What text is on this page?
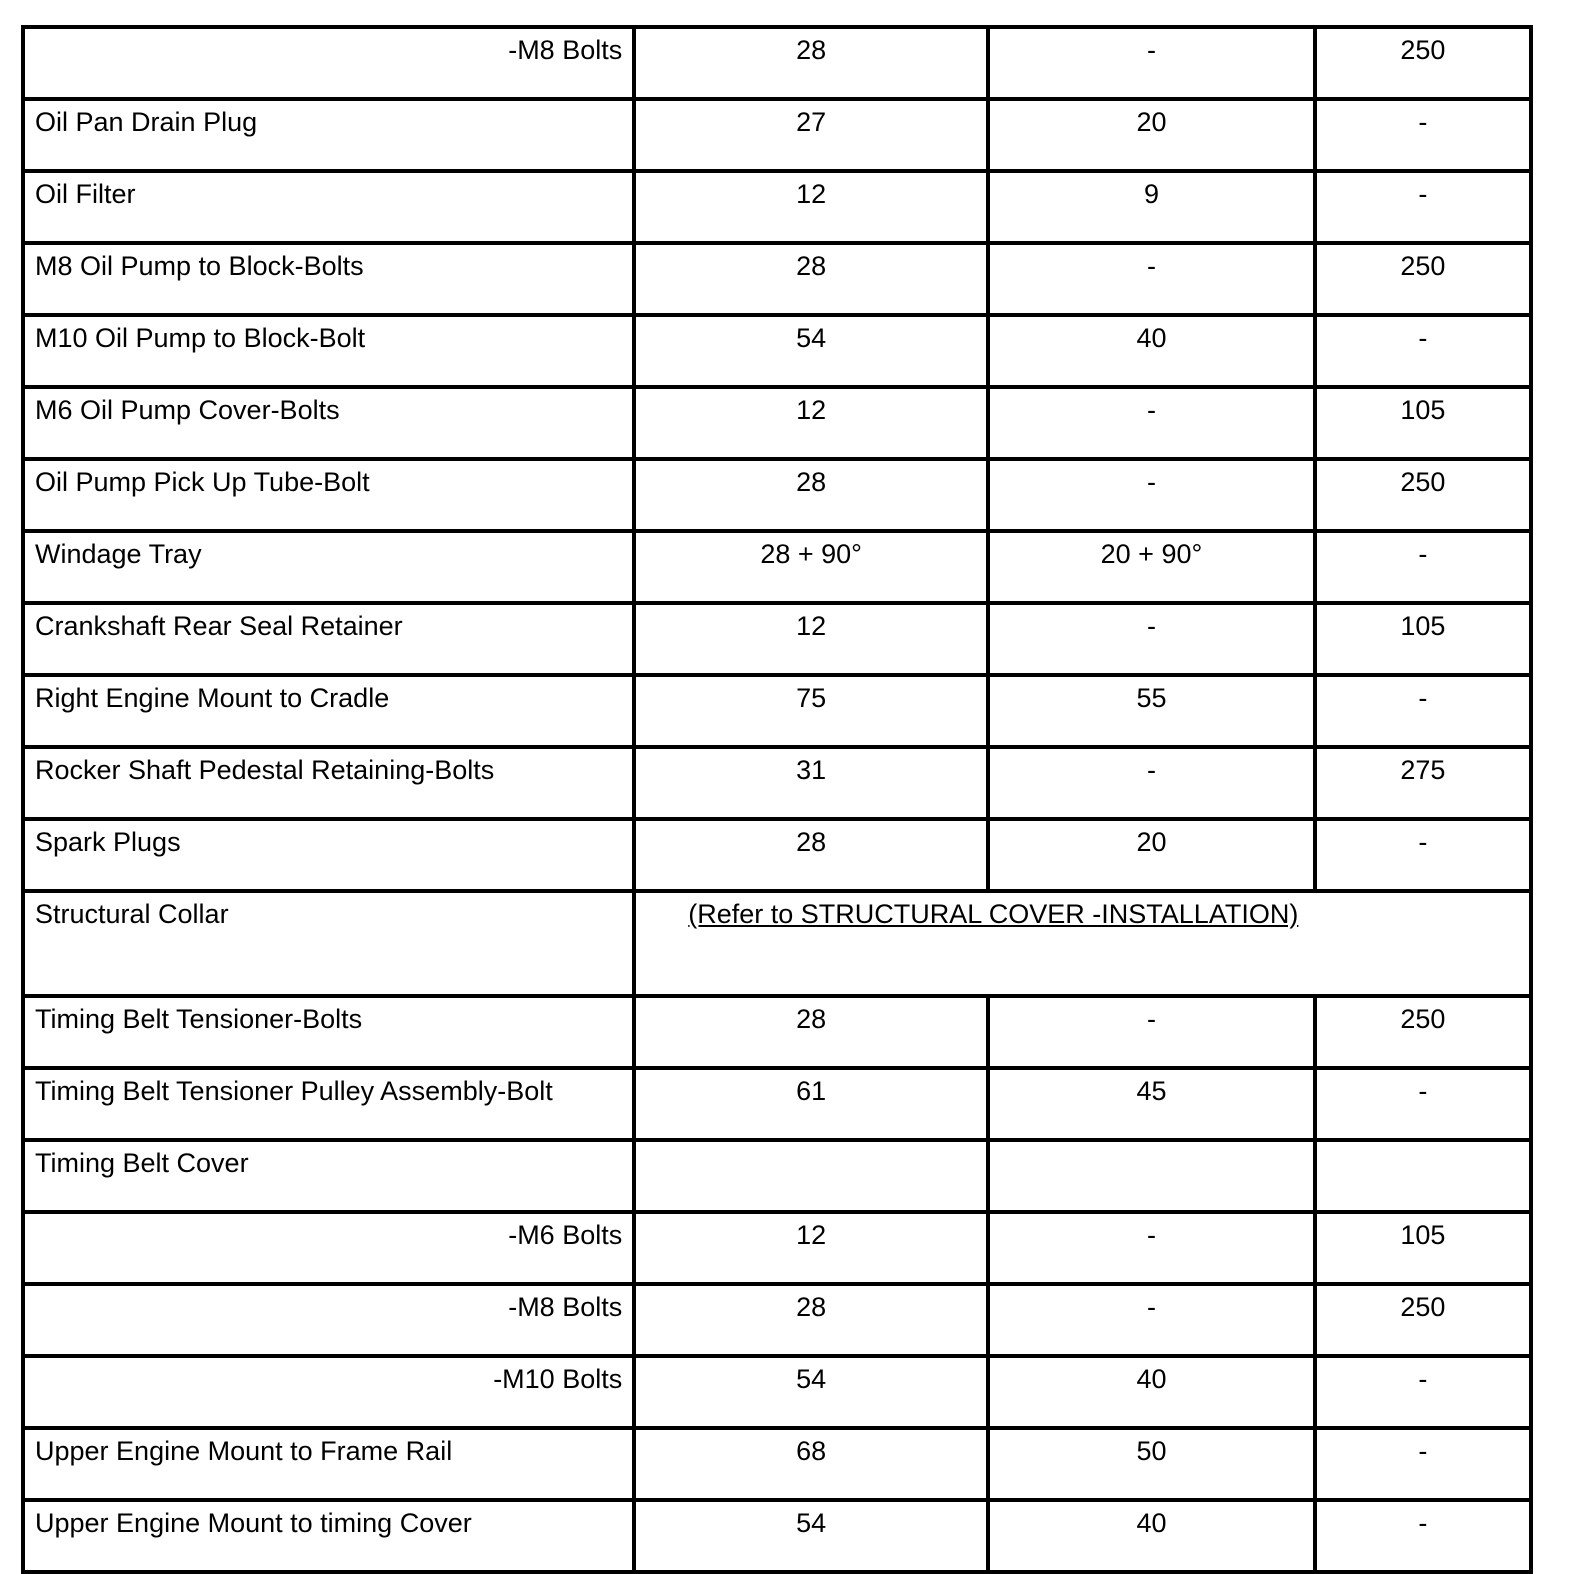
-M8 Bolts	28	-	250
Oil Pan Drain Plug	27	20	-
Oil Filter	12	9	-
M8 Oil Pump to Block-Bolts	28	-	250
M10 Oil Pump to Block-Bolt	54	40	-
M6 Oil Pump Cover-Bolts	12	-	105
Oil Pump Pick Up Tube-Bolt	28	-	250
Windage Tray	28 + 90°	20 + 90°	-
Crankshaft Rear Seal Retainer	12	-	105
Right Engine Mount to Cradle	75	55	-
Rocker Shaft Pedestal Retaining-Bolts	31	-	275
Spark Plugs	28	20	-
Structural Collar	(Refer to STRUCTURAL COVER -INSTALLATION)		
Timing Belt Tensioner-Bolts	28	-	250
Timing Belt Tensioner Pulley Assembly-Bolt	61	45	-
Timing Belt Cover			
-M6 Bolts	12	-	105
-M8 Bolts	28	-	250
-M10 Bolts	54	40	-
Upper Engine Mount to Frame Rail	68	50	-
Upper Engine Mount to timing Cover	54	40	-
